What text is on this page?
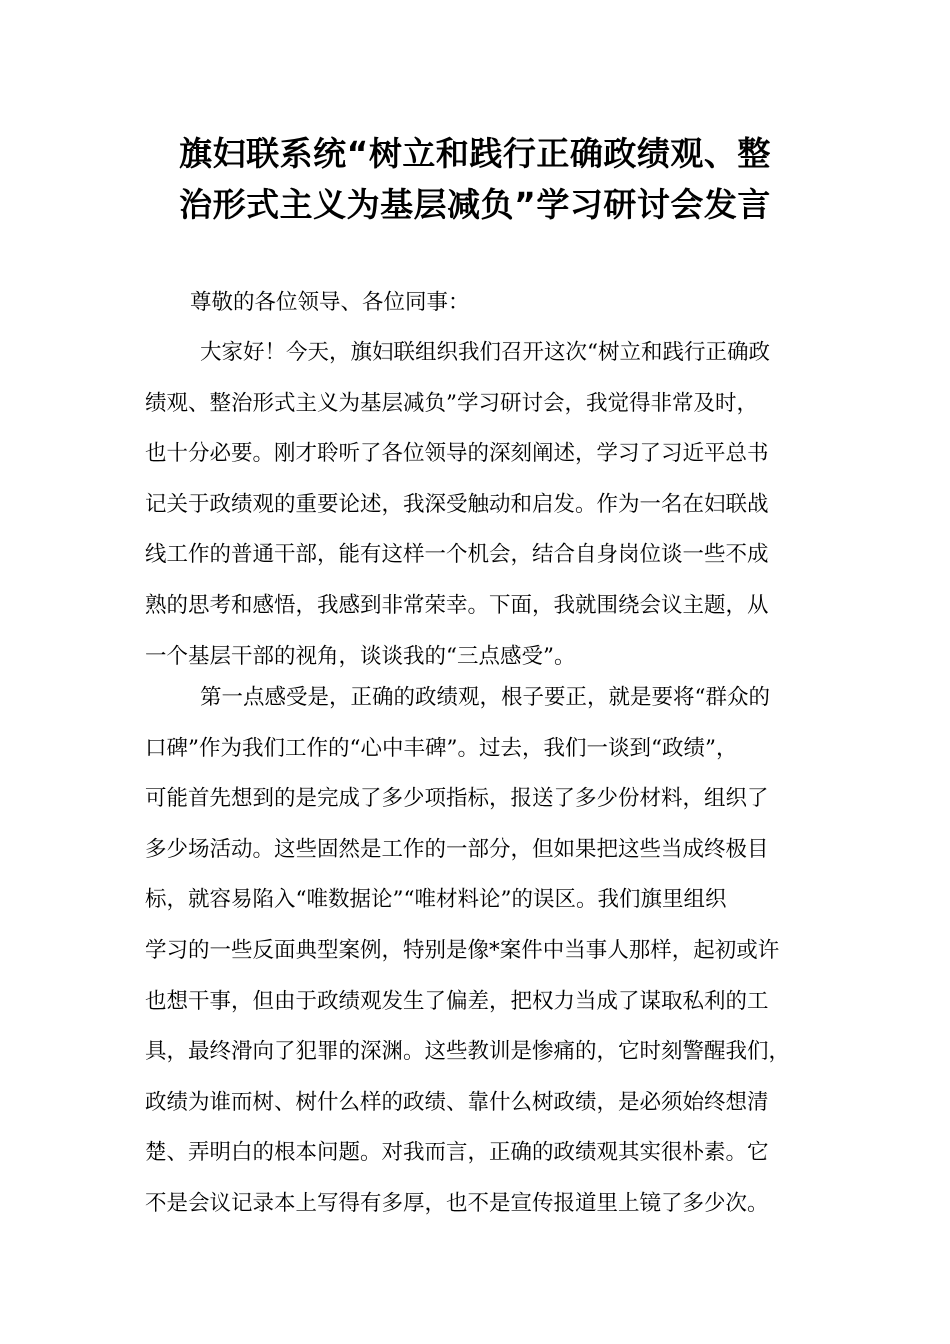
旗妇联系统“树立和践行正确政绩观、整
治形式主义为基层减负”学习研讨会发言

尊敬的各位领导、各位同事：

大家好！今天，旗妇联组织我们召开这次“树立和践行正确政
绩观、整治形式主义为基层减负”学习研讨会，我觉得非常及时，
也十分必要。刚才聆听了各位领导的深刻阐述，学习了习近平总书
记关于政绩观的重要论述，我深受触动和启发。作为一名在妇联战
线工作的普通干部，能有这样一个机会，结合自身岗位谈一些不成
熟的思考和感悟，我感到非常荣幸。下面，我就围绕会议主题，从
一个基层干部的视角，谈谈我的“三点感受”。

第一点感受是，正确的政绩观，根子要正，就是要将“群众的
口碑”作为我们工作的“心中丰碑”。过去，我们一谈到“政绩”，
可能首先想到的是完成了多少项指标，报送了多少份材料，组织了
多少场活动。这些固然是工作的一部分，但如果把这些当成终极目
标，就容易陷入“唯数据论”“唯材料论”的误区。我们旗里组织
学习的一些反面典型案例，特别是像*案件中当事人那样，起初或许
也想干事，但由于政绩观发生了偏差，把权力当成了谋取私利的工
具，最终滑向了犯罪的深渊。这些教训是惨痛的，它时刻警醒我们，
政绩为谁而树、树什么样的政绩、靠什么树政绩，是必须始终想清
楚、弄明白的根本问题。对我而言，正确的政绩观其实很朴素。它
不是会议记录本上写得有多厚，也不是宣传报道里上镜了多少次。
